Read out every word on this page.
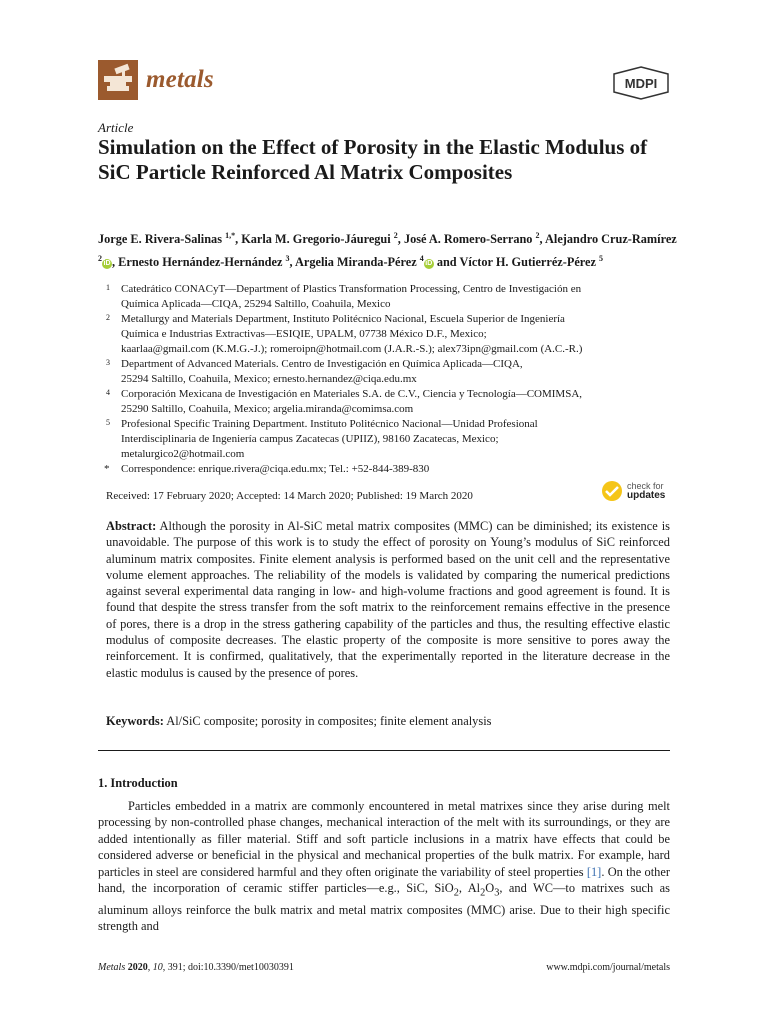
metals	MDPI
Article
Simulation on the Effect of Porosity in the Elastic Modulus of SiC Particle Reinforced Al Matrix Composites
Jorge E. Rivera-Salinas $^{1,*}$, Karla M. Gregorio-Jáuregui $^2$, José A. Romero-Serrano $^2$, Alejandro Cruz-Ramírez $^2$iD , Ernesto Hernández-Hernández $^3$, Argelia Miranda-Pérez $^4$iD and Víctor H. Gutierréz-Pérez $^5$
1 Catedrático CONACyT—Department of Plastics Transformation Processing, Centro de Investigación en
Química Aplicada—CIQA, 25294 Saltillo, Coahuila, Mexico
2 Metallurgy and Materials Department, Instituto Politécnico Nacional, Escuela Superior de Ingeniería
Química e Industrias Extractivas—ESIQIE, UPALM, 07738 México D.F., Mexico;
kaarlaa@gmail.com (K.M.G.-J.); romeroipn@hotmail.com (J.A.R.-S.); alex73ipn@gmail.com (A.C.-R.)
3 Department of Advanced Materials. Centro de Investigación en Química Aplicada—CIQA,
25294 Saltillo, Coahuila, Mexico; ernesto.hernandez@ciqa.edu.mx
4 Corporación Mexicana de Investigación en Materiales S.A. de C.V., Ciencia y Tecnología—COMIMSA,
25290 Saltillo, Coahuila, Mexico; argelia.miranda@comimsa.com
5 Profesional Specific Training Department. Instituto Politécnico Nacional—Unidad Profesional
Interdisciplinaria de Ingeniería campus Zacatecas (UPIIZ), 98160 Zacatecas, Mexico;
metalurgico2@hotmail.com
* Correspondence: enrique.rivera@ciqa.edu.mx; Tel.: +52-844-389-830
Received: 17 February 2020; Accepted: 14 March 2020; Published: 19 March 2020
check for
updates

Abstract: Although the porosity in Al-SiC metal matrix composites (MMC) can be diminished; its existence is unavoidable. The purpose of this work is to study the effect of porosity on Young’s modulus of SiC reinforced aluminum matrix composites. Finite element analysis is performed based on the unit cell and the representative volume element approaches. The reliability of the models is validated by comparing the numerical predictions against several experimental data ranging in low- and high-volume fractions and good agreement is found. It is found that despite the stress transfer from the soft matrix to the reinforcement remains effective in the presence of pores, there is a drop in the stress gathering capability of the particles and thus, the resulting effective elastic modulus of composite decreases. The elastic property of the composite is more sensitive to pores away the reinforcement. It is confirmed, qualitatively, that the experimentally reported in the literature decrease in the elastic modulus is caused by the presence of pores.

Keywords: Al/SiC composite; porosity in composites; finite element analysis

1. Introduction

Particles embedded in a matrix are commonly encountered in metal matrixes since they arise during melt processing by non-controlled phase changes, mechanical interaction of the melt with its surroundings, or they are added intentionally as filler material. Stiff and soft particle inclusions in a matrix have effects that could be considered adverse or beneficial in the physical and mechanical properties of the bulk matrix. For example, hard particles in steel are considered harmful and they often originate the variability of steel properties [1]. On the other hand, the incorporation of ceramic stiffer particles—e.g., SiC, SiO$_2$, $Al_2O_3$, and WC—to matrixes such as aluminum alloys reinforce the bulk matrix and metal matrix composites (MMC) arise. Due to their high specific strength and

Metals 2020, 10, 391; doi:10.3390/met10030391	www.mdpi.com/journal/metals
